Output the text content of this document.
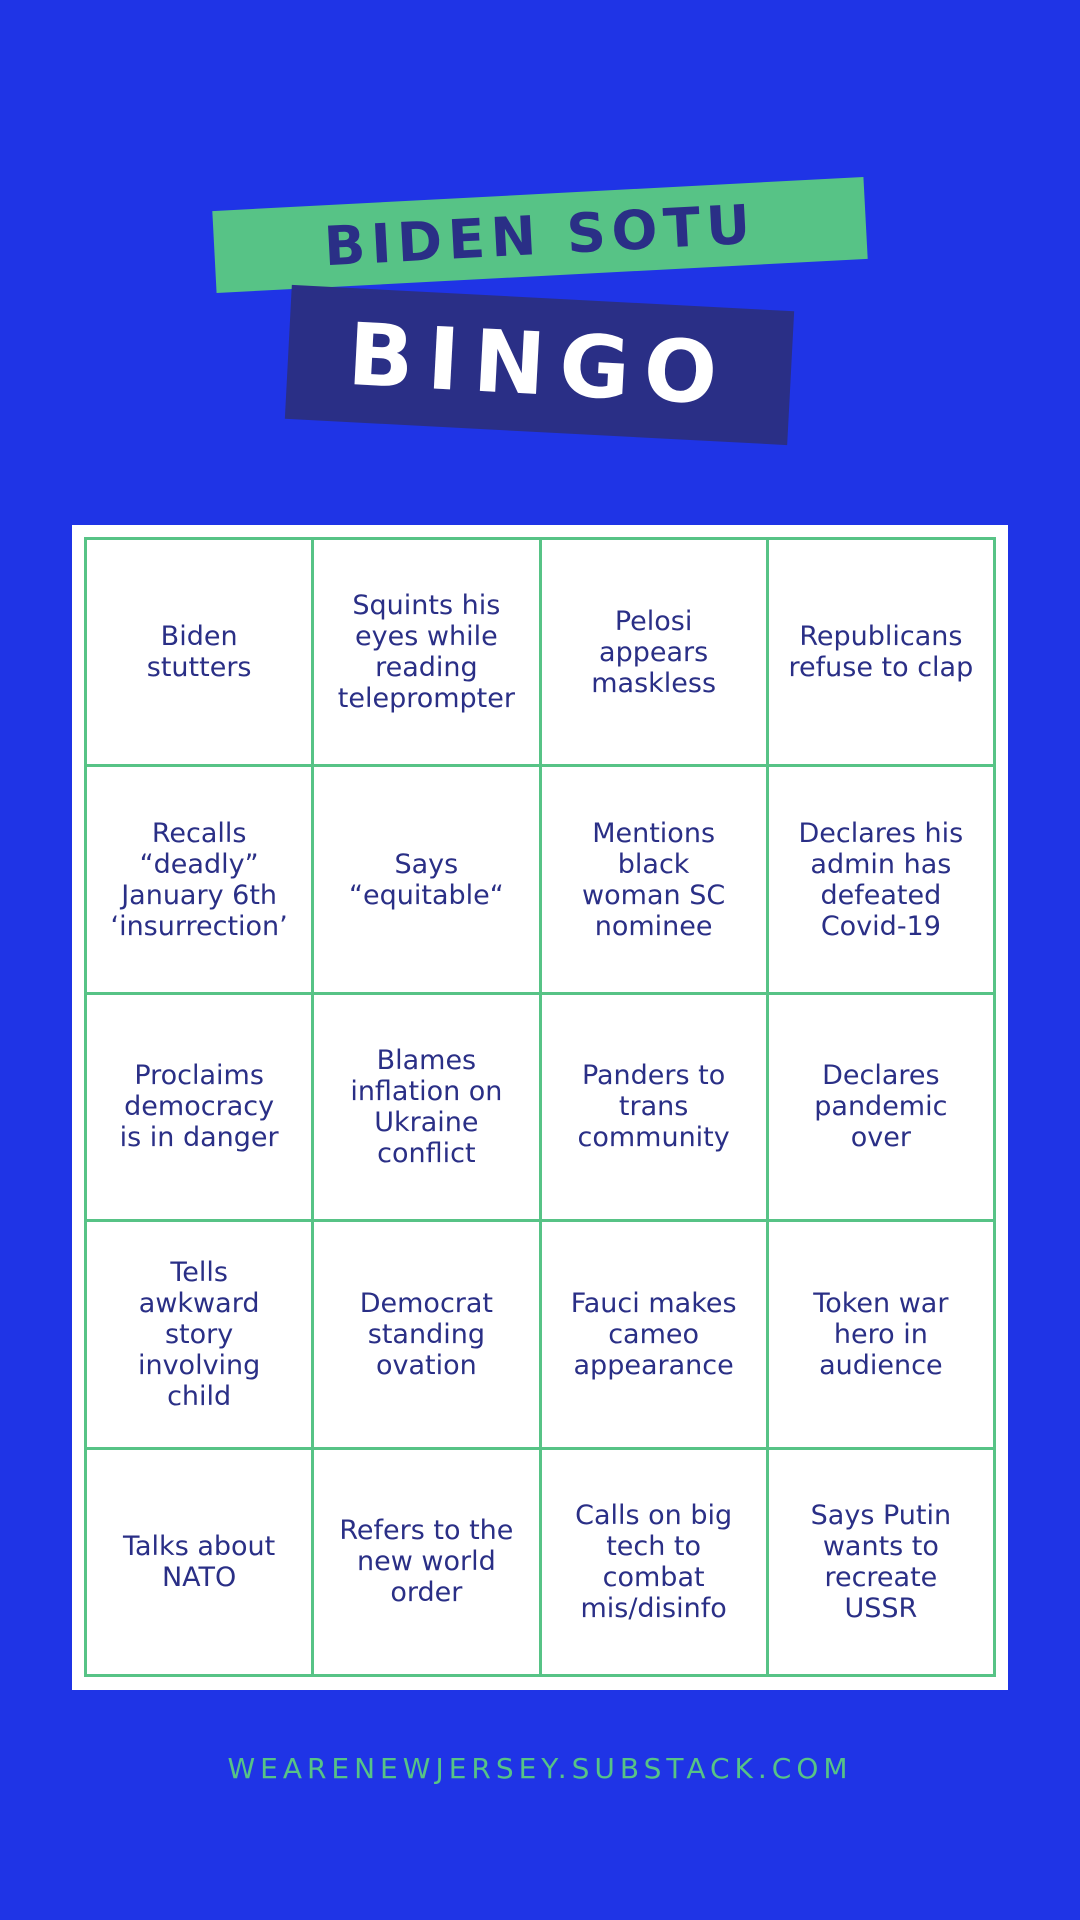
BIDEN SOTU
BINGO
Biden
stutters
Squints his
eyes while
reading
teleprompter
Pelosi
appears
maskless
Republicans
refuse to clap
Recalls
“deadly”
January 6th
‘insurrection’
Says
“equitable“
Mentions
black
woman SC
nominee
Declares his
admin has
defeated
Covid-19
Proclaims
democracy
is in danger
Blames
inflation on
Ukraine
conflict
Panders to
trans
community
Declares
pandemic
over
Tells
awkward
story
involving
child
Democrat
standing
ovation
Fauci makes
cameo
appearance
Token war
hero in
audience
Talks about
NATO
Refers to the
new world
order
Calls on big
tech to
combat
mis/disinfo
Says Putin
wants to
recreate
USSR
WEARENEWJERSEY.SUBSTACK.COM
